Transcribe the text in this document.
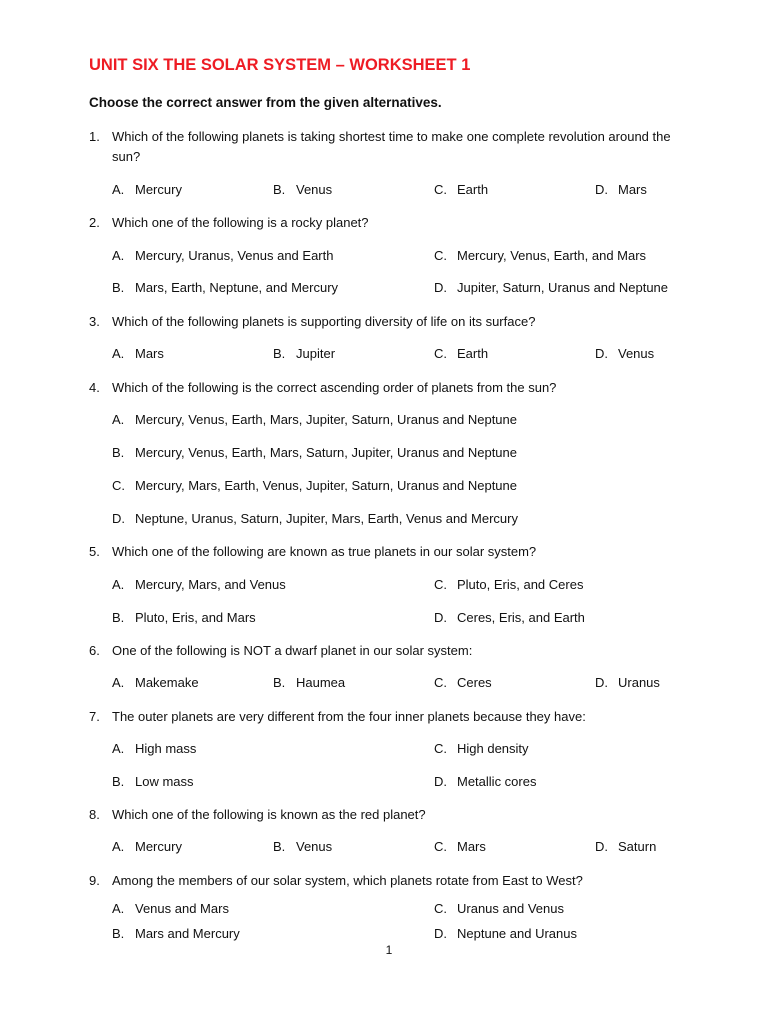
UNIT SIX THE SOLAR SYSTEM – WORKSHEET 1
Choose the correct answer from the given alternatives.
1. Which of the following planets is taking shortest time to make one complete revolution around the sun?
A. Mercury	B. Venus	C. Earth	D. Mars
2. Which one of the following is a rocky planet?
A. Mercury, Uranus, Venus and Earth
B. Mars, Earth, Neptune, and Mercury
C. Mercury, Venus, Earth, and Mars
D. Jupiter, Saturn, Uranus and Neptune
3. Which of the following planets is supporting diversity of life on its surface?
A. Mars	B. Jupiter	C. Earth	D. Venus
4. Which of the following is the correct ascending order of planets from the sun?
A. Mercury, Venus, Earth, Mars, Jupiter, Saturn, Uranus and Neptune
B. Mercury, Venus, Earth, Mars, Saturn, Jupiter, Uranus and Neptune
C. Mercury, Mars, Earth, Venus, Jupiter, Saturn, Uranus and Neptune
D. Neptune, Uranus, Saturn, Jupiter, Mars, Earth, Venus and Mercury
5. Which one of the following are known as true planets in our solar system?
A. Mercury, Mars, and Venus
B. Pluto, Eris, and Mars
C. Pluto, Eris, and Ceres
D. Ceres, Eris, and Earth
6. One of the following is NOT a dwarf planet in our solar system:
A. Makemake	B. Haumea	C. Ceres	D. Uranus
7. The outer planets are very different from the four inner planets because they have:
A. High mass
B. Low mass
C. High density
D. Metallic cores
8. Which one of the following is known as the red planet?
A. Mercury	B. Venus	C. Mars	D. Saturn
9. Among the members of our solar system, which planets rotate from East to West?
A. Venus and Mars
B. Mars and Mercury
C. Uranus and Venus
D. Neptune and Uranus
1
